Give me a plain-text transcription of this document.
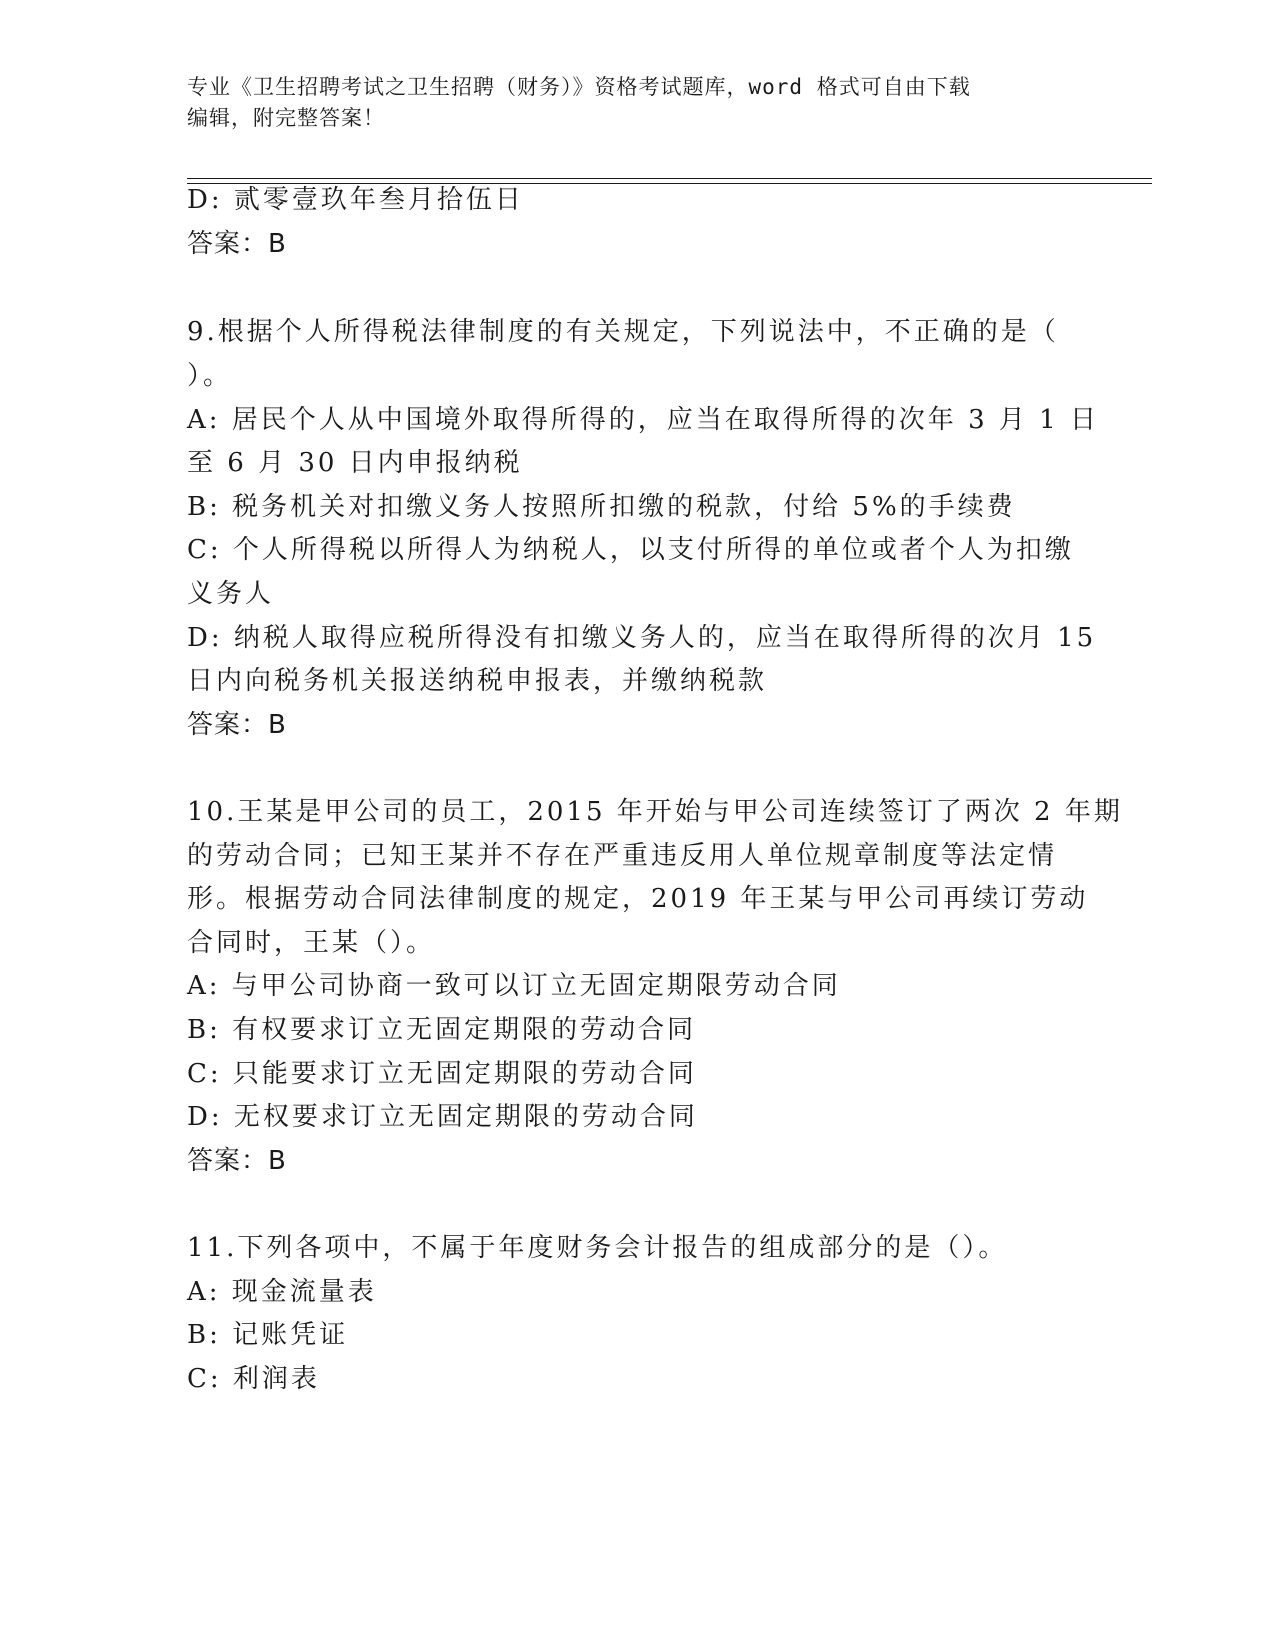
专业《卫生招聘考试之卫生招聘（财务）》资格考试题库，word 格式可自由下载
编辑，附完整答案！
D: 贰零壹玖年叁月拾伍日
答案：B
9.根据个人所得税法律制度的有关规定，下列说法中，不正确的是（
）。
A: 居民个人从中国境外取得所得的，应当在取得所得的次年 3 月 1 日
至 6 月 30 日内申报纳税
B: 税务机关对扣缴义务人按照所扣缴的税款，付给 5%的手续费
C: 个人所得税以所得人为纳税人，以支付所得的单位或者个人为扣缴
义务人
D: 纳税人取得应税所得没有扣缴义务人的，应当在取得所得的次月 15
日内向税务机关报送纳税申报表，并缴纳税款
答案：B
10.王某是甲公司的员工，2015 年开始与甲公司连续签订了两次 2 年期
的劳动合同；已知王某并不存在严重违反用人单位规章制度等法定情
形。根据劳动合同法律制度的规定，2019 年王某与甲公司再续订劳动
合同时，王某（）。
A: 与甲公司协商一致可以订立无固定期限劳动合同
B: 有权要求订立无固定期限的劳动合同
C: 只能要求订立无固定期限的劳动合同
D: 无权要求订立无固定期限的劳动合同
答案：B
11.下列各项中，不属于年度财务会计报告的组成部分的是（）。
A: 现金流量表
B: 记账凭证
C: 利润表
